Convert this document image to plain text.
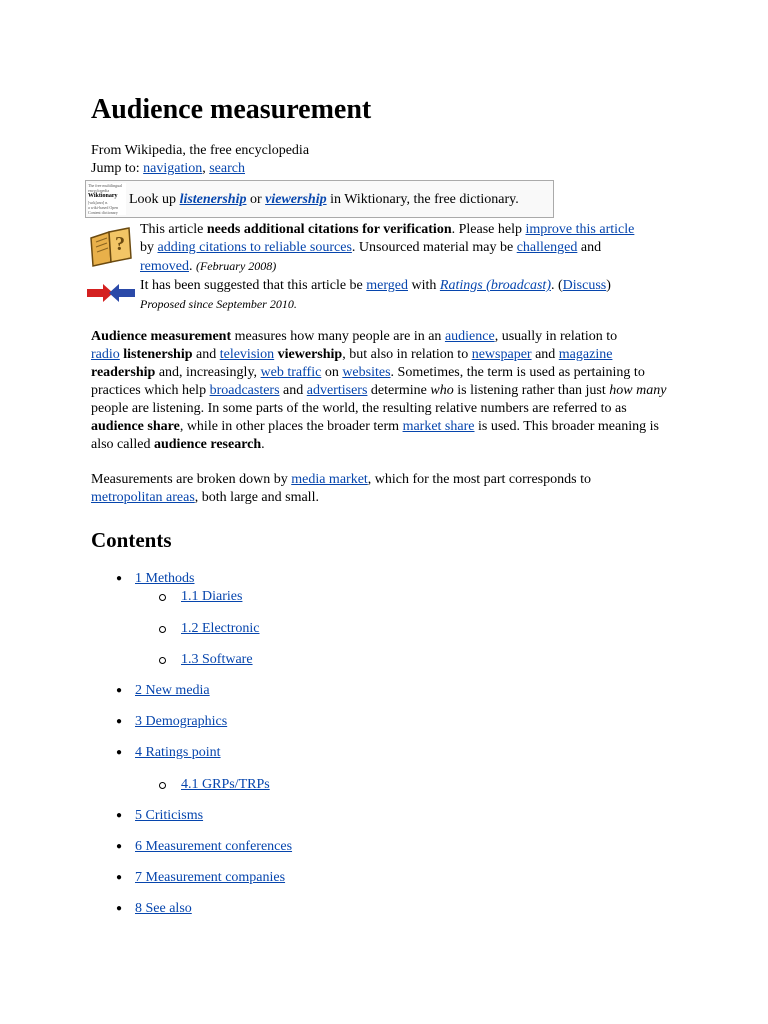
Audience measurement
From Wikipedia, the free encyclopedia
Jump to: navigation, search
The free multilingual
encyclopedia
Wiktionary
[wɪkʃənrɪ] n.
a wiki-based Open
Content dictionary
Look up listenership or viewership in Wiktionary, the free dictionary.
?
This article needs additional citations for verification. Please help improve this article
by adding citations to reliable sources. Unsourced material may be challenged and
removed. (February 2008)
It has been suggested that this article be merged with Ratings (broadcast). (Discuss)
Proposed since September 2010.
Audience measurement measures how many people are in an audience, usually in relation to
radio listenership and television viewership, but also in relation to newspaper and magazine
readership and, increasingly, web traffic on websites. Sometimes, the term is used as pertaining to practices which help broadcasters and advertisers determine who is listening rather than just how many people are listening. In some parts of the world, the resulting relative numbers are referred to as audience share, while in other places the broader term market share is used. This broader meaning is also called audience research.
Measurements are broken down by media market, which for the most part corresponds to
metropolitan areas, both large and small.
Contents
● 1 Methods
1.1 Diaries
1.2 Electronic
1.3 Software
● 2 New media
● 3 Demographics
● 4 Ratings point
4.1 GRPs/TRPs
● 5 Criticisms
● 6 Measurement conferences
● 7 Measurement companies
● 8 See also
